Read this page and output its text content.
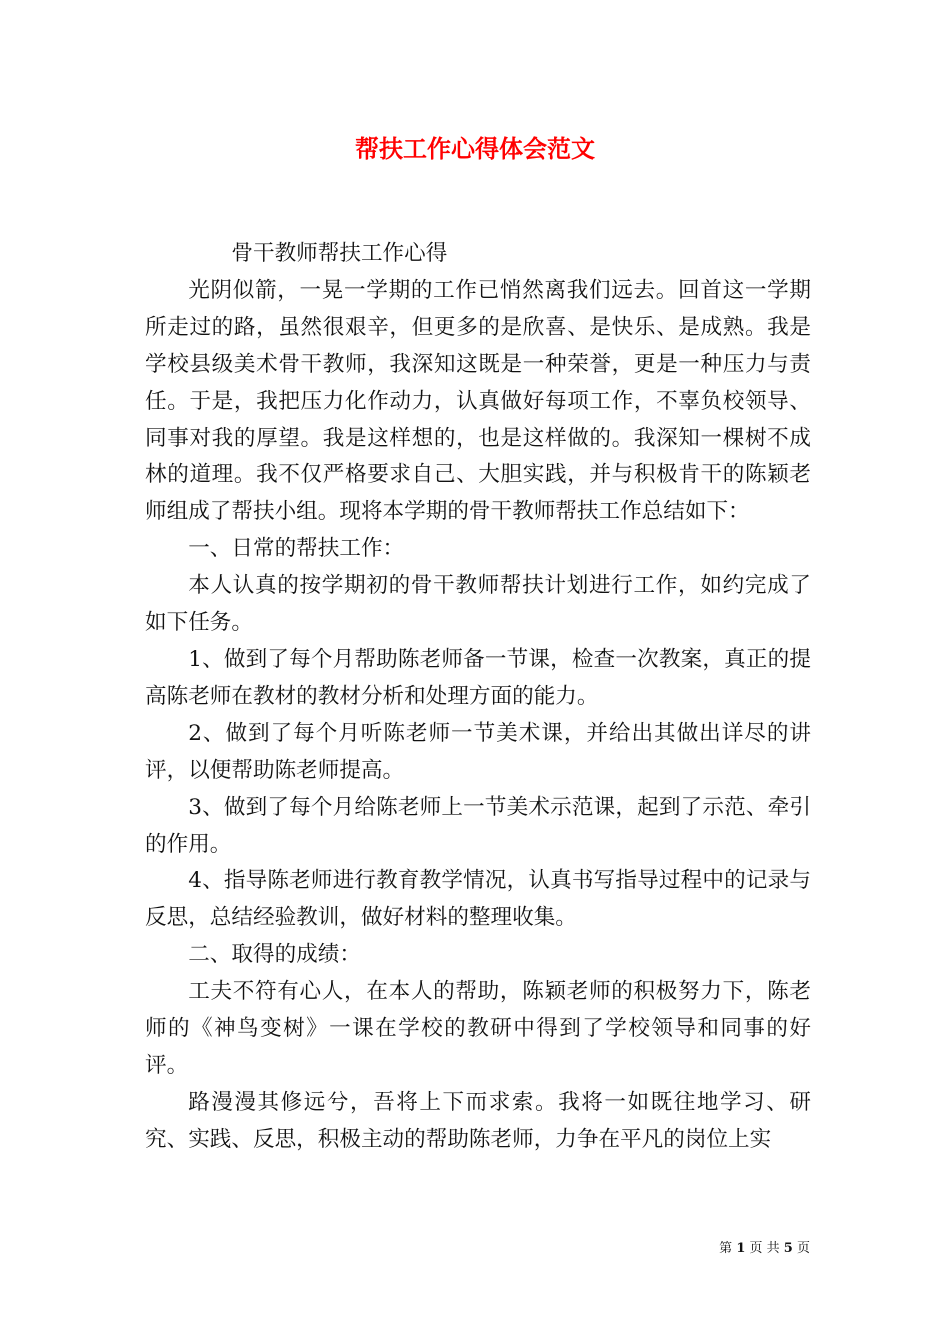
帮扶工作心得体会范文

骨干教师帮扶工作心得

光阴似箭，一晃一学期的工作已悄然离我们远去。回首这一学期所走过的路，虽然很艰辛，但更多的是欣喜、是快乐、是成熟。我是学校县级美术骨干教师，我深知这既是一种荣誉，更是一种压力与责任。于是，我把压力化作动力，认真做好每项工作，不辜负校领导、同事对我的厚望。我是这样想的，也是这样做的。我深知一棵树不成林的道理。我不仅严格要求自己、大胆实践，并与积极肯干的陈颖老师组成了帮扶小组。现将本学期的骨干教师帮扶工作总结如下：

一、日常的帮扶工作：

本人认真的按学期初的骨干教师帮扶计划进行工作，如约完成了如下任务。

1、做到了每个月帮助陈老师备一节课，检查一次教案，真正的提高陈老师在教材的教材分析和处理方面的能力。

2、做到了每个月听陈老师一节美术课，并给出其做出详尽的讲评，以便帮助陈老师提高。

3、做到了每个月给陈老师上一节美术示范课，起到了示范、牵引的作用。

4、指导陈老师进行教育教学情况，认真书写指导过程中的记录与反思，总结经验教训，做好材料的整理收集。

二、取得的成绩：

工夫不符有心人，在本人的帮助，陈颖老师的积极努力下，陈老师的《神鸟变树》一课在学校的教研中得到了学校领导和同事的好评。

路漫漫其修远兮，吾将上下而求索。我将一如既往地学习、研究、实践、反思，积极主动的帮助陈老师，力争在平凡的岗位上实

第 1 页 共 5 页
